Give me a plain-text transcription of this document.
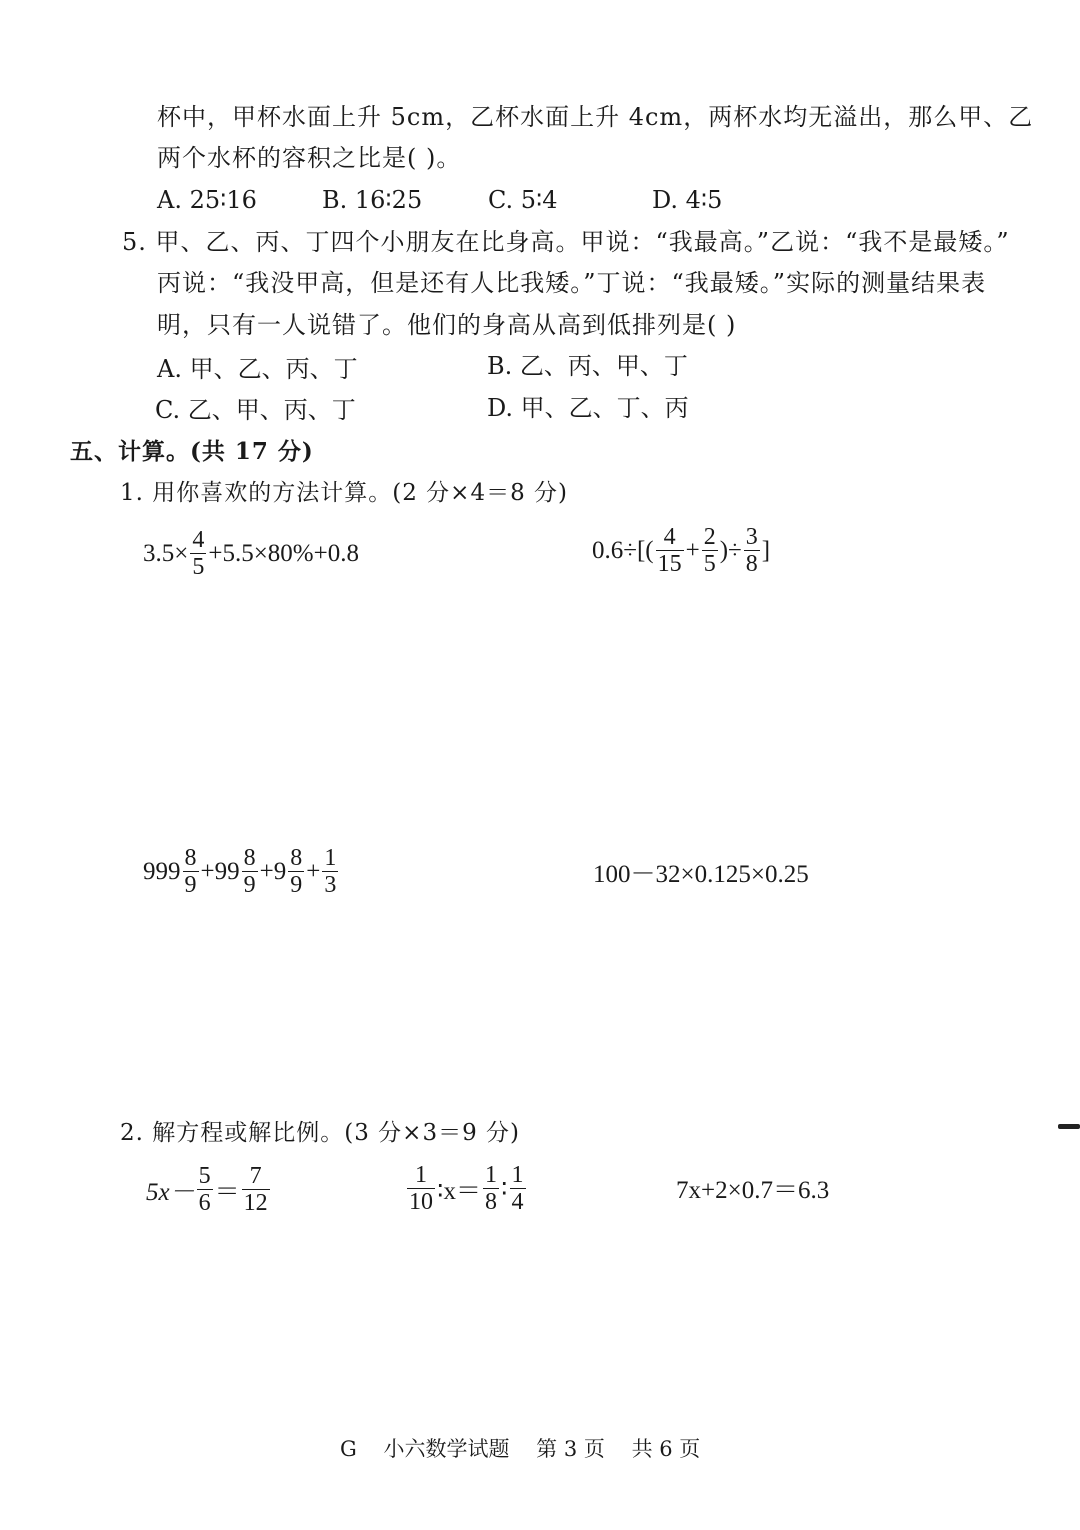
杯中，甲杯水面上升 5cm，乙杯水面上升 4cm，两杯水均无溢出，那么甲、乙
两个水杯的容积之比是( )。
A. 25∶16	B. 16∶25	C. 5∶4	D. 4∶5
5. 甲、乙、丙、丁四个小朋友在比身高。甲说：“我最高。”乙说：“我不是最矮。”
丙说：“我没甲高，但是还有人比我矮。”丁说：“我最矮。”实际的测量结果表
明，只有一人说错了。他们的身高从高到低排列是( )
A. 甲、乙、丙、丁	B. 乙、丙、甲、丁
C. 乙、甲、丙、丁	D. 甲、乙、丁、丙
五、计算。(共 17 分)
1. 用你喜欢的方法计算。(2 分×4＝8 分)
$3.5\times \frac{4}{5} +5.5\times 80\%+0.8$	$0.6\div[( \frac{4}{15} + \frac{2}{5}$ )÷ $\frac{3}{8}$ ]
$999 \frac{8}{9} +99 \frac{8}{9} +9 \frac{8}{9} + \frac{1}{3}$	100－32×0.125×0.25
2. 解方程或解比例。(3 分×3＝9 分)
$5x- \frac{5}{6} = \frac{7}{12}$	$\frac{1}{10}$ ∶x＝ $\frac{1}{8}$ ∶ $\frac{1}{4}$	7x+2×0.7＝6.3
G 小六数学试题 第 3 页 共 6 页
